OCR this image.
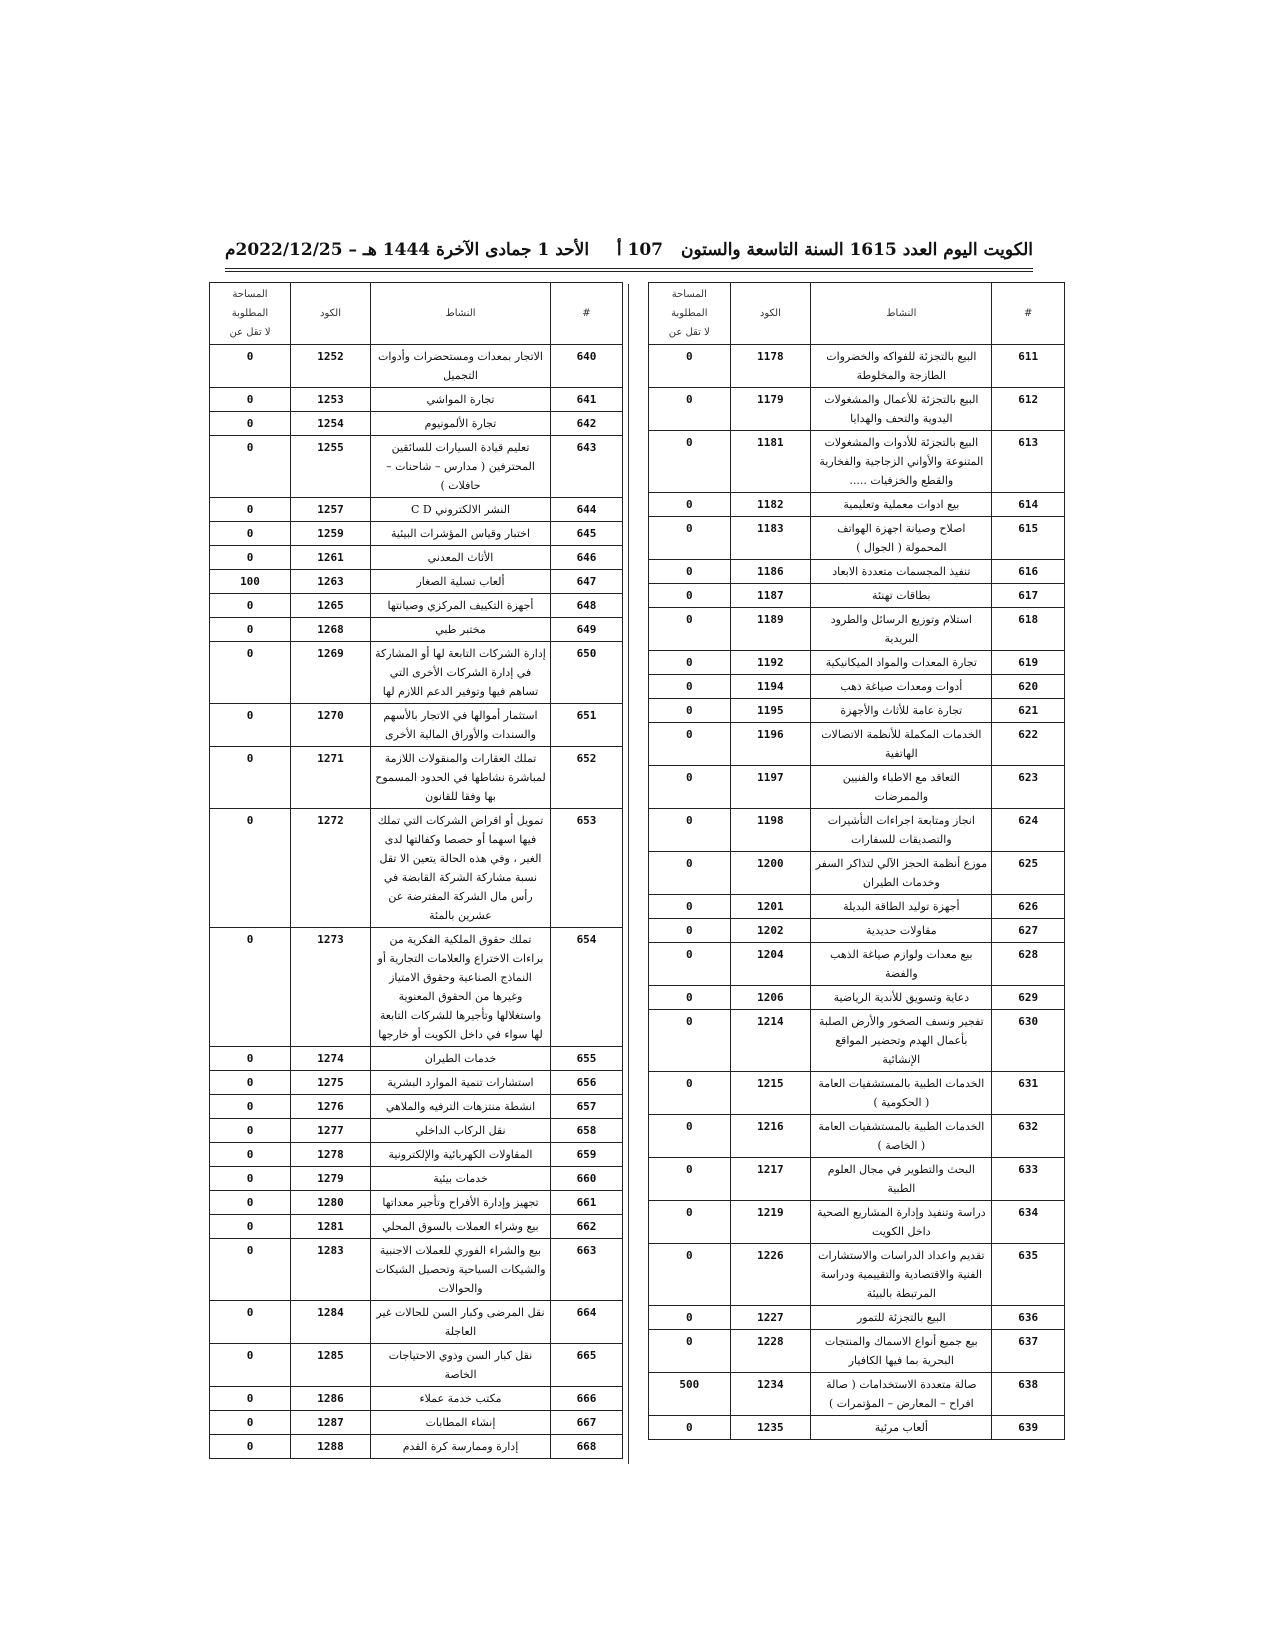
الكويت اليوم العدد 1615 السنة التاسعة والستون
107 أ
الأحد 1 جمادى الآخرة 1444 هـ – 2022/12/25م
#	النشاط	الكود	المساحة
المطلوبة
لا تقل عن

611	البيع بالتجزئة للفواكه والخضروات الطازجة والمخلوطة	1178	0
612	البيع بالتجزئة للأعمال والمشغولات اليدوية والتحف والهدايا	1179	0
613	البيع بالتجزئة للأدوات والمشغولات المتنوعة والأواني الزجاجية والفخارية والقطع والخزفيات .....	1181	0
614	بيع ادوات معملية وتعليمية	1182	0
615	اصلاح وصيانة اجهزة الهواتف المحمولة ( الجوال )	1183	0
616	تنفيذ المجسمات متعددة الابعاد	1186	0
617	بطاقات تهنئة	1187	0
618	استلام وتوزيع الرسائل والطرود البريدية	1189	0
619	تجارة المعدات والمواد الميكانيكية	1192	0
620	أدوات ومعدات صياغة ذهب	1194	0
621	تجارة عامة للأثاث والأجهزة	1195	0
622	الخدمات المكملة للأنظمة الاتصالات الهاتفية	1196	0
623	التعاقد مع الاطباء والفنيين والممرضات	1197	0
624	انجاز ومتابعة اجراءات التأشيرات والتصديقات للسفارات	1198	0
625	موزع أنظمة الحجز الآلي لتذاكر السفر وخدمات الطيران	1200	0
626	أجهزة توليد الطاقة البديلة	1201	0
627	مقاولات حديدية	1202	0
628	بيع معدات ولوازم صياغة الذهب والفضة	1204	0
629	دعاية وتسويق للأندية الرياضية	1206	0
630	تفجير ونسف الصخور والأرض الصلبة بأعمال الهدم وتحضير المواقع الإنشائية	1214	0
631	الخدمات الطبية بالمستشفيات العامة ( الحكومية )	1215	0
632	الخدمات الطبية بالمستشفيات العامة ( الخاصة )	1216	0
633	البحث والتطوير في مجال العلوم الطبية	1217	0
634	دراسة وتنفيذ وإدارة المشاريع الصحية داخل الكويت	1219	0
635	تقديم واعداد الدراسات والاستشارات الفنية والاقتصادية والتقييمية ودراسة المرتبطة بالبيئة	1226	0
636	البيع بالتجزئة للتمور	1227	0
637	بيع جميع أنواع الاسماك والمنتجات البحرية بما فيها الكافيار	1228	0
638	صالة متعددة الاستخدامات ( صالة افراح – المعارض – المؤتمرات )	1234	500
639	ألعاب مرئية	1235	0
#	النشاط	الكود	المساحة
المطلوبة
لا تقل عن

640	الاتجار بمعدات ومستحضرات وأدوات التجميل	1252	0
641	تجارة المواشي	1253	0
642	تجارة الألمونيوم	1254	0
643	تعليم قيادة السيارات للسائقين المحترفين ( مدارس – شاحنات – حافلات )	1255	0
644	النشر الالكتروني C D	1257	0
645	اختبار وقياس المؤشرات البيئية	1259	0
646	الأثاث المعدني	1261	0
647	ألعاب تسلية الصغار	1263	100
648	أجهزة التكييف المركزي وصيانتها	1265	0
649	مختبر طبي	1268	0
650	إدارة الشركات التابعة لها أو المشاركة في إدارة الشركات الأخرى التي تساهم فيها وتوفير الدعم اللازم لها	1269	0
651	استثمار أموالها في الاتجار بالأسهم والسندات والأوراق المالية الأخرى	1270	0
652	تملك العقارات والمنقولات اللازمة لمباشرة نشاطها في الحدود المسموح بها وفقا للقانون	1271	0
653	تمويل أو اقراض الشركات التي تملك فيها اسهما أو حصصا وكفالتها لدى الغير ، وفي هذه الحالة يتعين الا تقل نسبة مشاركة الشركة القابضة في رأس مال الشركة المقترضة عن عشرين بالمئة	1272	0
654	تملك حقوق الملكية الفكرية من براءات الاختراع والعلامات التجارية أو النماذج الصناعية وحقوق الامتياز وغيرها من الحقوق المعنوية واستغلالها وتأجيرها للشركات التابعة لها سواء في داخل الكويت أو خارجها	1273	0
655	خدمات الطيران	1274	0
656	استشارات تنمية الموارد البشرية	1275	0
657	انشطة منتزهات الترفيه والملاهي	1276	0
658	نقل الركاب الداخلي	1277	0
659	المقاولات الكهربائية والإلكترونية	1278	0
660	خدمات بيئية	1279	0
661	تجهيز وإدارة الأفراح وتأجير معداتها	1280	0
662	بيع وشراء العملات بالسوق المحلي	1281	0
663	بيع والشراء الفوري للعملات الاجنبية والشيكات السياحية وتحصيل الشيكات والحوالات	1283	0
664	نقل المرضى وكبار السن للحالات غير العاجلة	1284	0
665	نقل كبار السن وذوي الاحتياجات الخاصة	1285	0
666	مكتب خدمة عملاء	1286	0
667	إنشاء المطابات	1287	0
668	إدارة وممارسة كرة القدم	1288	0
